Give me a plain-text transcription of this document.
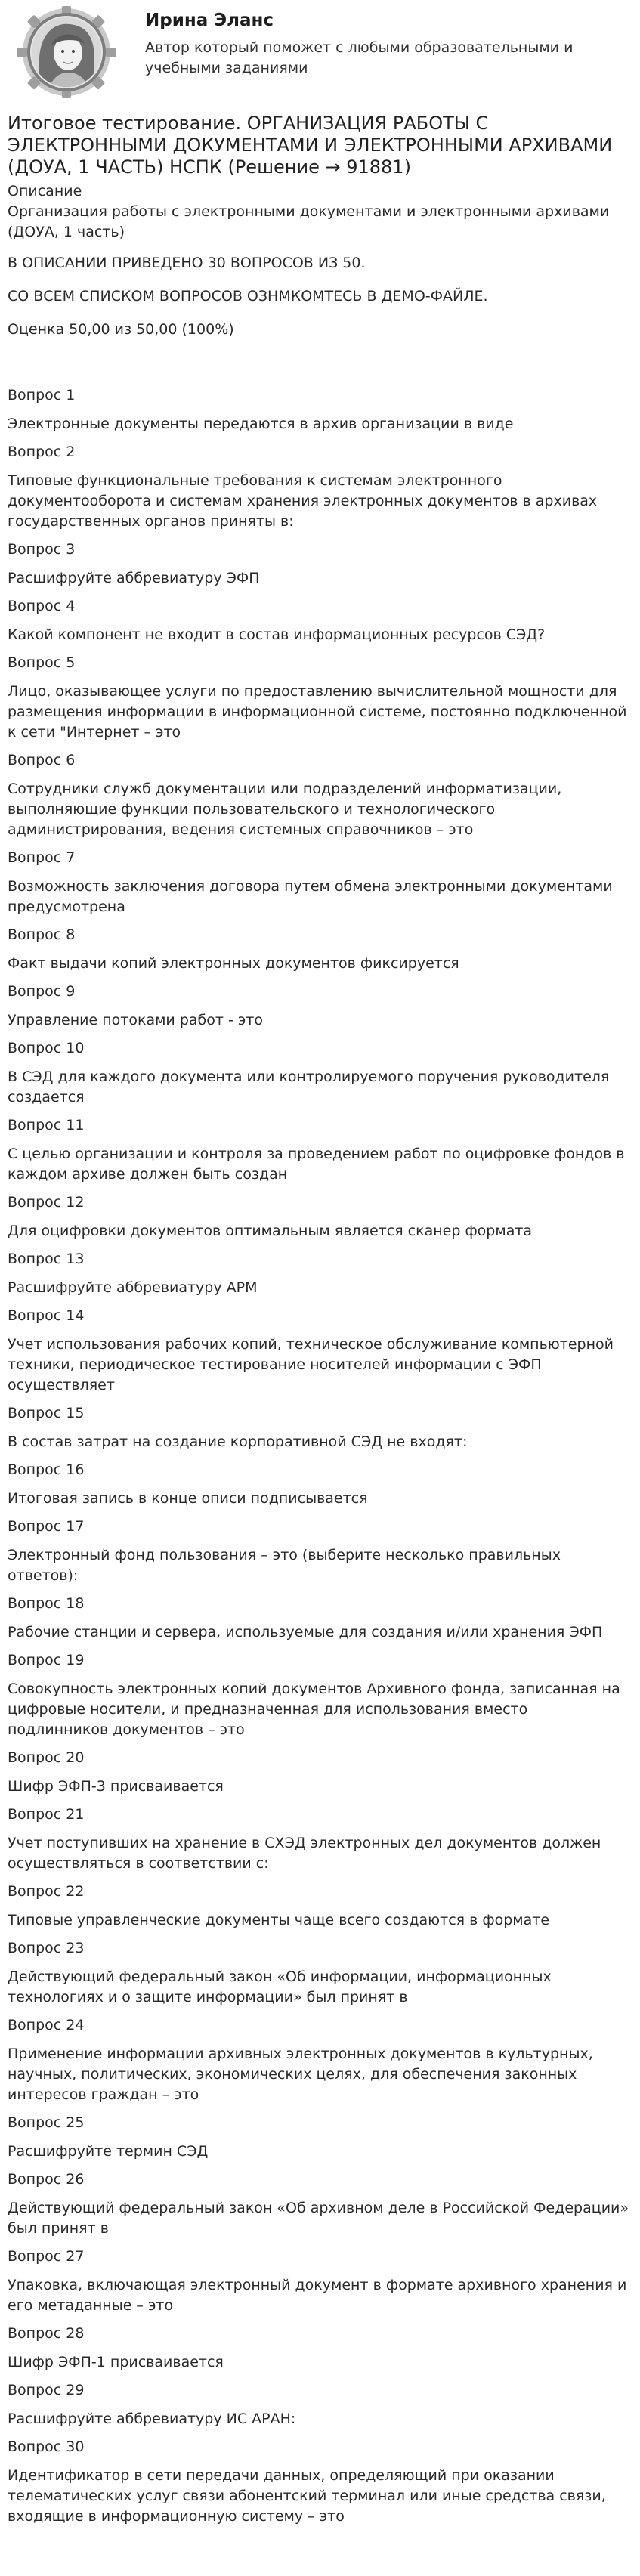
Ирина Эланс
Автор который поможет с любыми образовательными и учебными заданиями
Итоговое тестирование. ОРГАНИЗАЦИЯ РАБОТЫ С ЭЛЕКТРОННЫМИ ДОКУМЕНТАМИ И ЭЛЕКТРОННЫМИ АРХИВАМИ (ДОУА, 1 ЧАСТЬ) НСПК (Решение → 91881)

Описание

Организация работы с электронными документами и электронными архивами (ДОУА, 1 часть)

В ОПИСАНИИ ПРИВЕДЕНО 30 ВОПРОСОВ ИЗ 50.

СО ВСЕМ СПИСКОМ ВОПРОСОВ ОЗНМКОМТЕСЬ В ДЕМО-ФАЙЛЕ.

Оценка 50,00 из 50,00 (100%)

Вопрос 1

Электронные документы передаются в архив организации в виде

Вопрос 2

Типовые функциональные требования к системам электронного документооборота и системам хранения электронных документов в архивах государственных органов приняты в:

Вопрос 3

Расшифруйте аббревиатуру ЭФП

Вопрос 4

Какой компонент не входит в состав информационных ресурсов СЭД?

Вопрос 5

Лицо, оказывающее услуги по предоставлению вычислительной мощности для размещения информации в информационной системе, постоянно подключенной к сети "Интернет – это

Вопрос 6

Сотрудники служб документации или подразделений информатизации, выполняющие функции пользовательского и технологического администрирования, ведения системных справочников – это

Вопрос 7

Возможность заключения договора путем обмена электронными документами предусмотрена

Вопрос 8

Факт выдачи копий электронных документов фиксируется

Вопрос 9

Управление потоками работ - это

Вопрос 10

В СЭД для каждого документа или контролируемого поручения руководителя создается

Вопрос 11

С целью организации и контроля за проведением работ по оцифровке фондов в каждом архиве должен быть создан

Вопрос 12

Для оцифровки документов оптимальным является сканер формата

Вопрос 13

Расшифруйте аббревиатуру АРМ

Вопрос 14

Учет использования рабочих копий, техническое обслуживание компьютерной техники, периодическое тестирование носителей информации с ЭФП осуществляет

Вопрос 15

В состав затрат на создание корпоративной СЭД не входят:

Вопрос 16

Итоговая запись в конце описи подписывается

Вопрос 17

Электронный фонд пользования – это (выберите несколько правильных ответов):

Вопрос 18

Рабочие станции и сервера, используемые для создания и/или хранения ЭФП

Вопрос 19

Совокупность электронных копий документов Архивного фонда, записанная на цифровые носители, и предназначенная для использования вместо подлинников документов – это

Вопрос 20

Шифр ЭФП-3 присваивается

Вопрос 21

Учет поступивших на хранение в СХЭД электронных дел документов должен осуществляться в соответствии с:

Вопрос 22

Типовые управленческие документы чаще всего создаются в формате

Вопрос 23

Действующий федеральный закон «Об информации, информационных технологиях и о защите информации» был принят в

Вопрос 24

Применение информации архивных электронных документов в культурных, научных, политических, экономических целях, для обеспечения законных интересов граждан – это

Вопрос 25

Расшифруйте термин СЭД

Вопрос 26

Действующий федеральный закон «Об архивном деле в Российской Федерации» был принят в

Вопрос 27

Упаковка, включающая электронный документ в формате архивного хранения и его метаданные – это

Вопрос 28

Шифр ЭФП-1 присваивается

Вопрос 29

Расшифруйте аббревиатуру ИС АРАН:

Вопрос 30

Идентификатор в сети передачи данных, определяющий при оказании телематических услуг связи абонентский терминал или иные средства связи, входящие в информационную систему – это
